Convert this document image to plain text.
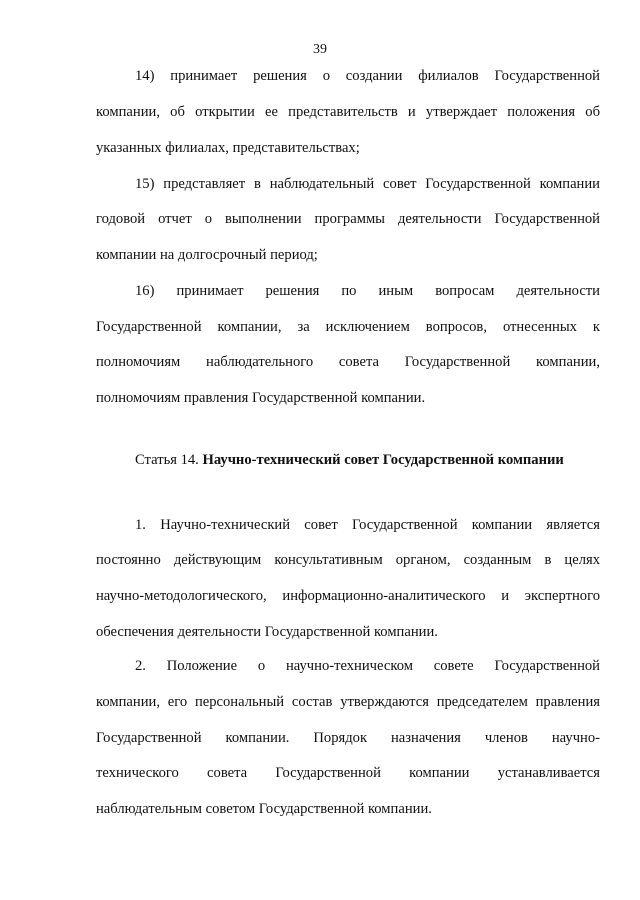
39
14) принимает решения о создании филиалов Государственной
компании, об открытии ее представительств и утверждает положения об
указанных филиалах, представительствах;
15) представляет в наблюдательный совет Государственной компании
годовой отчет о выполнении программы деятельности Государственной
компании на долгосрочный период;
16) принимает решения по иным вопросам деятельности
Государственной компании, за исключением вопросов, отнесенных к
полномочиям наблюдательного совета Государственной компании,
полномочиям правления Государственной компании.
Статья 14. Научно-технический совет Государственной компании
1. Научно-технический совет Государственной компании является
постоянно действующим консультативным органом, созданным в целях
научно-методологического, информационно-аналитического и экспертного
обеспечения деятельности Государственной компании.
2. Положение о научно-техническом совете Государственной
компании, его персональный состав утверждаются председателем правления
Государственной компании. Порядок назначения членов научно-
технического совета Государственной компании устанавливается
наблюдательным советом Государственной компании.
